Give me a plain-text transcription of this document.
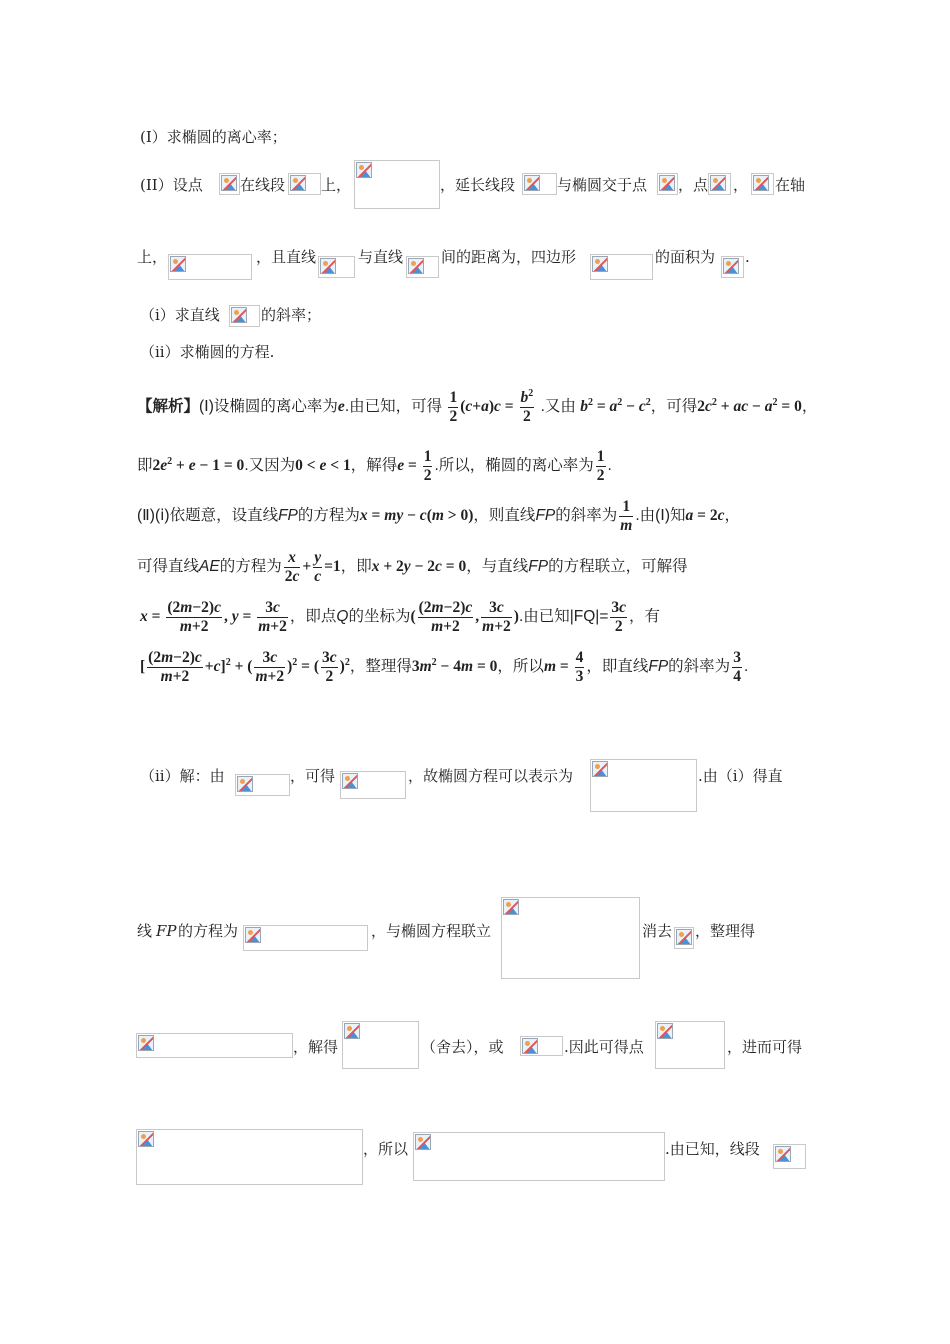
(I）求椭圆的离心率；
(II）设点 在线段 上，	，延长线段	与椭圆交于点 ，点 ， 在轴
上，	，且直线	与直线	间的距离为，四边形	的面积为 .
（i）求直线	的斜率；
（ii）求椭圆的方程.
【解析】(Ⅰ)设椭圆的离心率为e.由已知，可得 $\frac{1}{2} (c+a)c = \frac{b^2}{2}$ .又由 $b^2 = a^2 - c^2$，可得$2c^2$ + ac − $a^2 = 0$，
即$2e^2 + e - 1 = 0$.又因为0 < e < 1，解得$e = \frac{1}{2}$ .所以，椭圆的离心率为 $\frac{1}{2}$ .
(Ⅱ)(ⅰ)依题意，设直线FP的方程为x = my − c(m > 0)，则直线FP的斜率为 $\frac{1}{m}$ .由(Ⅰ)知a = 2c，
可得直线AE的方程为 $\frac{x}{2c} + \frac{y}{c} =1$，即x + 2y − 2c = 0，与直线FP的方程联立，可解得
$x = \frac{(2m-2)c}{m+2}$ , $y = \frac{3c}{m+2}$ ，即点Q的坐标为( $\frac{(2m-2)c}{m+2}$ , $\frac{3c}{m+2}$ ).由已知$|FQ|= \frac{3c}{2}$ ，有
[ $\frac{(2m-2)c}{m+2} +c]^2$ + ( $\frac{3c}{m+2} )^2$ = ( $\frac{3c}{2} )^2$，整理得$3m^2 - 4m = 0$，所以$m = \frac{4}{3}$ ，即直线FP的斜率为 $\frac{3}{4}$ .
（ii）解：由	，可得	，故椭圆方程可以表示为	.由（i）得直
线 FP 的方程为	，与椭圆方程联立	消去 ，整理得
，解得	（舍去），或	.因此可得点	，进而可得
，所以	.由已知，线段
